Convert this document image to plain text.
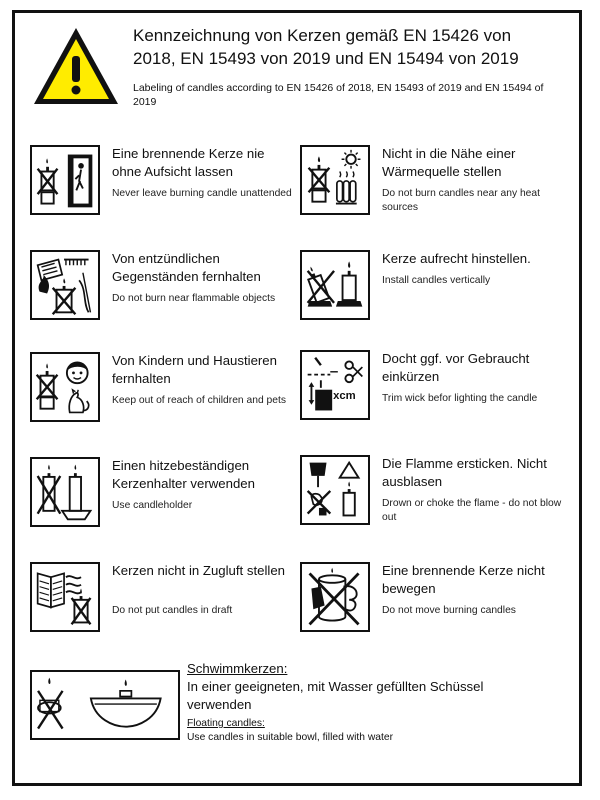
Kennzeichnung von Kerzen gemäß EN 15426 von 2018, EN 15493 von 2019 und EN 15494 von 2019
Labeling of candles according to EN 15426 of 2018, EN 15493 of 2019 and EN 15494 of 2019
Eine brennende Kerze nie ohne Aufsicht lassen
Never leave burning candle unattended
Nicht in die Nähe einer Wärmequelle stellen
Do not burn candles near any heat sources
Von entzündlichen Gegenständen fernhalten
Do not burn near flammable objects
Kerze aufrecht hinstellen.
Install candles vertically
Von Kindern und Haustieren fernhalten
Keep out of reach of children and pets	xcm
Docht ggf. vor Gebraucht einkürzen
Trim wick befor lighting the candle
Einen hitzebeständigen Kerzenhalter verwenden
Use candleholder
Die Flamme ersticken. Nicht ausblasen
Drown or choke the flame - do not blow out
Kerzen nicht in Zugluft stellen
Do not put candles in draft
Eine brennende Kerze nicht bewegen
Do not move burning candles
Schwimmkerzen:
In einer geeigneten, mit Wasser gefüllten Schüssel verwenden
Floating candles:
Use candles in suitable bowl, filled with water
